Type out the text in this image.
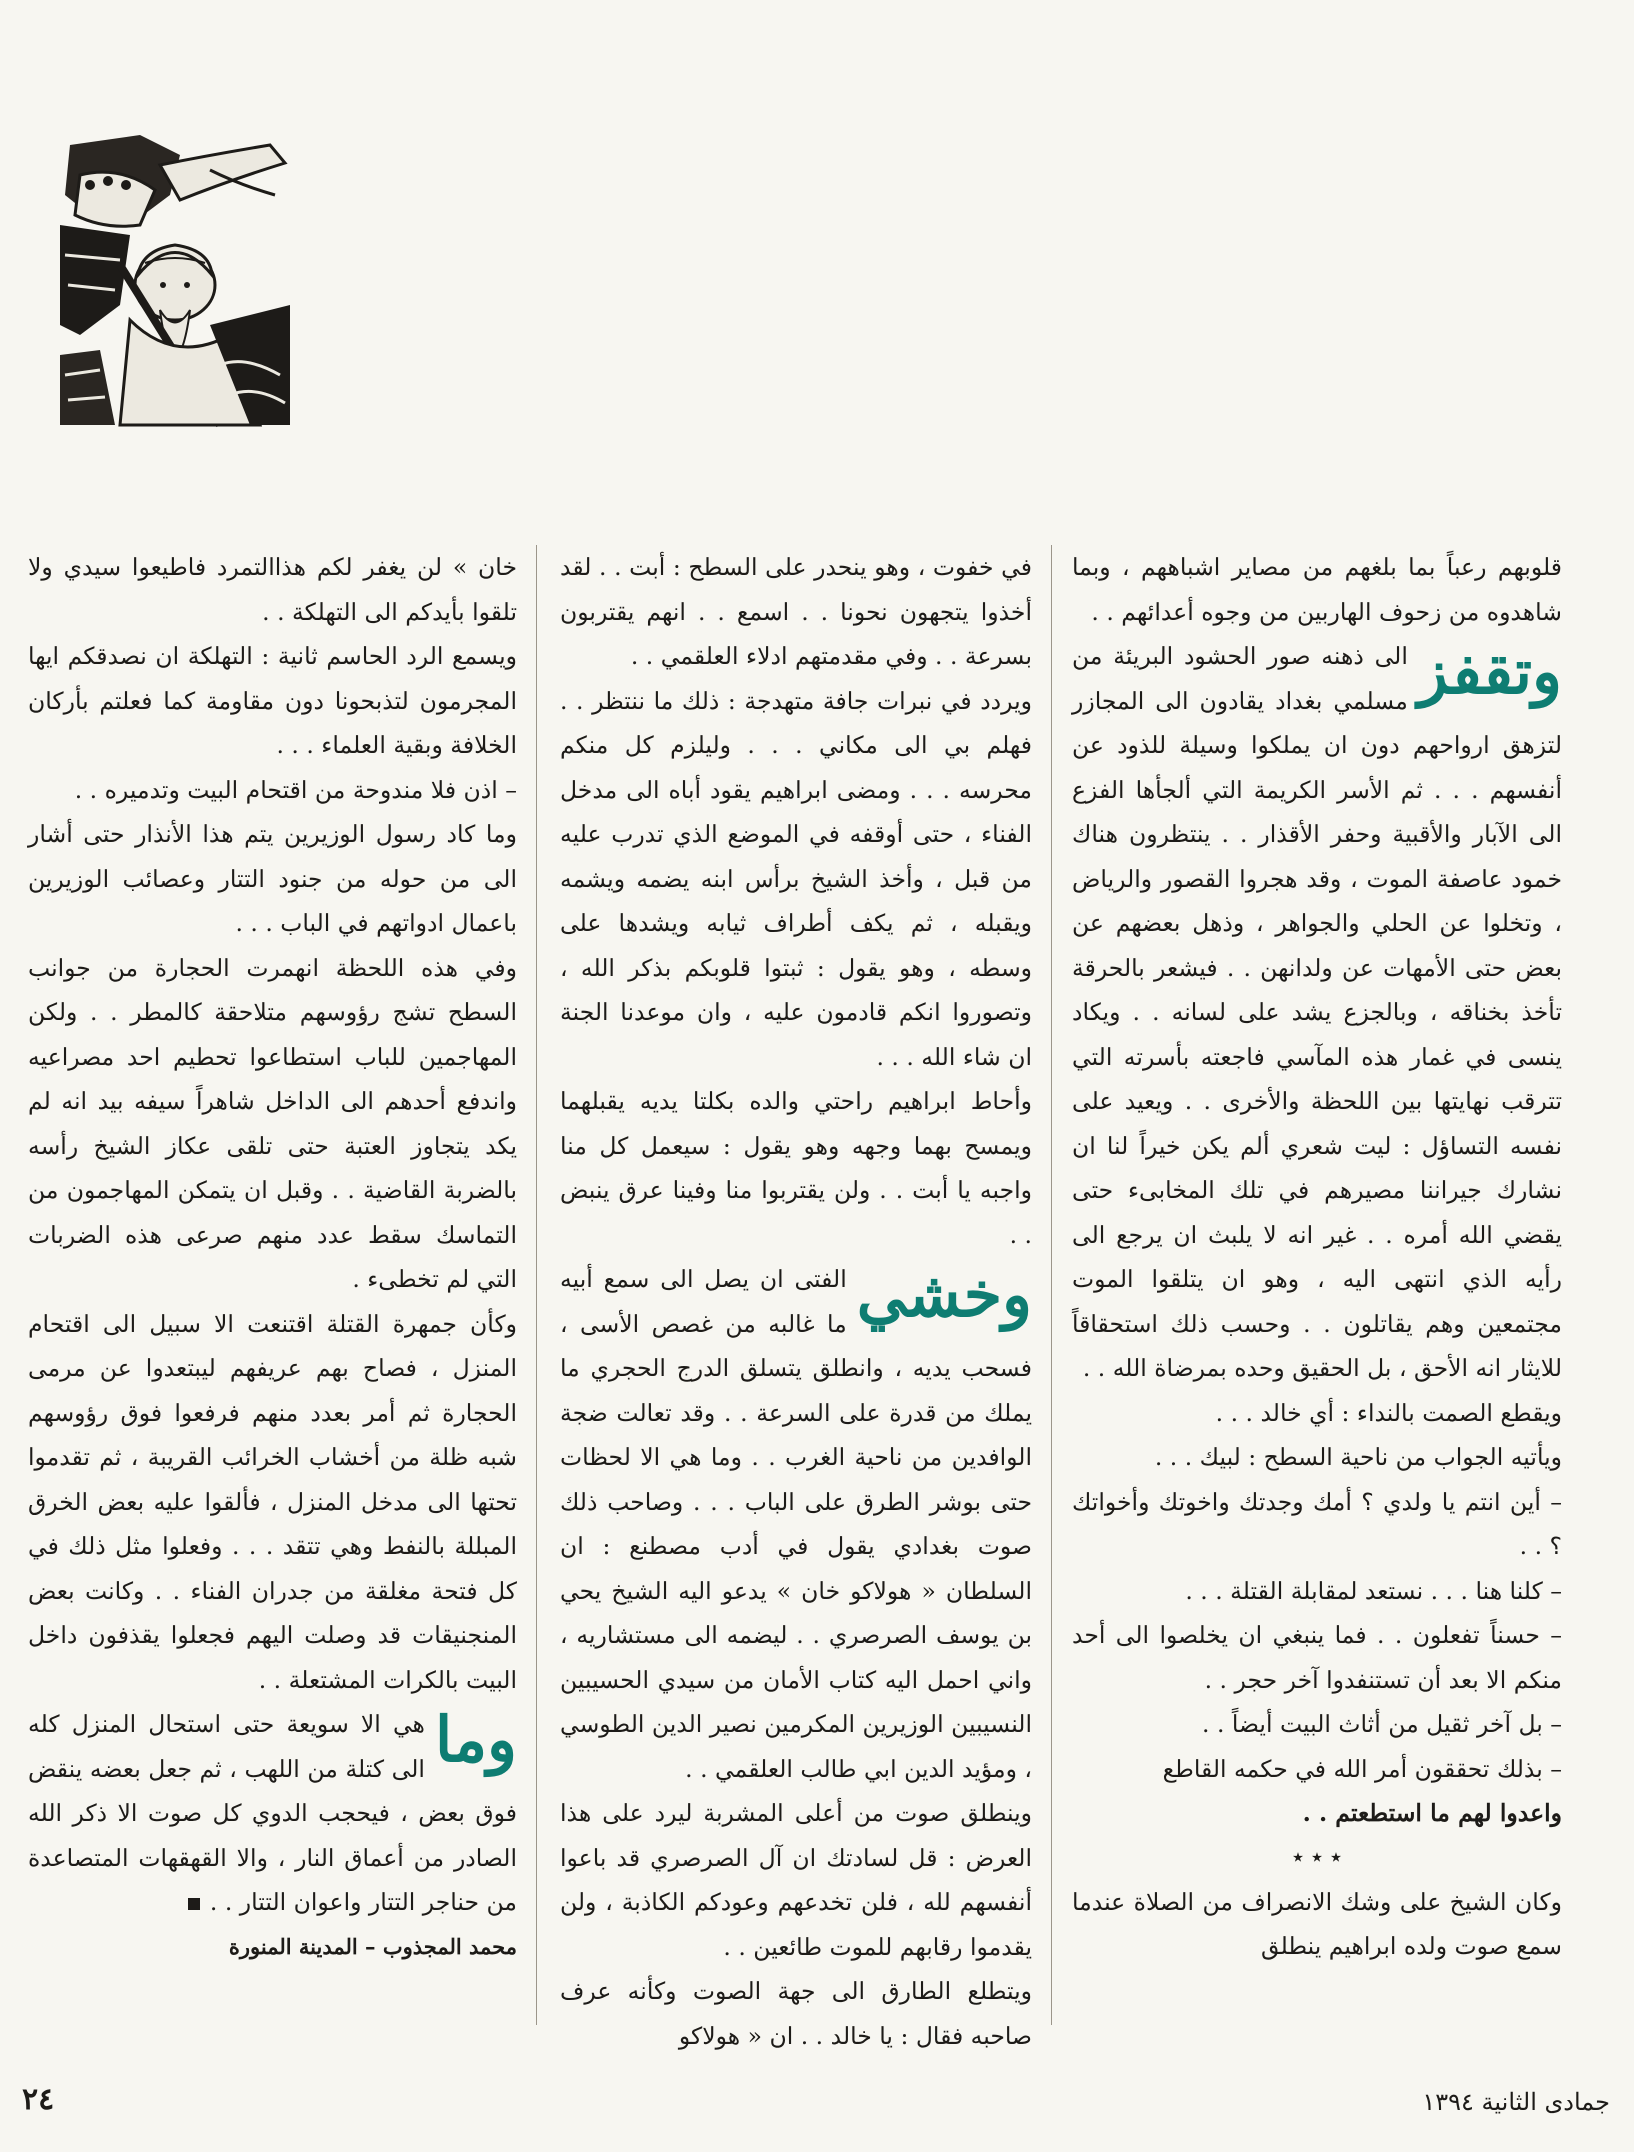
قلوبهم رعباً بما بلغهم من مصاير اشباههم ، وبما شاهدوه من زحوف الهاربين من وجوه أعدائهم . .

وتقفز
الى ذهنه صور الحشود البريئة من مسلمي بغداد يقادون الى المجازر لتزهق ارواحهم دون ان يملكوا وسيلة للذود عن أنفسهم . . . ثم الأسر الكريمة التي ألجأها الفزع الى الآبار والأقبية وحفر الأقذار . . ينتظرون هناك خمود عاصفة الموت ، وقد هجروا القصور والرياض ، وتخلوا عن الحلي والجواهر ، وذهل بعضهم عن بعض حتى الأمهات عن ولدانهن . . فيشعر بالحرقة تأخذ بخناقه ، وبالجزع يشد على لسانه . . ويكاد ينسى في غمار هذه المآسي فاجعته بأسرته التي تترقب نهايتها بين اللحظة والأخرى . . ويعيد على نفسه التساؤل : ليت شعري ألم يكن خيراً لنا ان نشارك جيراننا مصيرهم في تلك المخابىء حتى يقضي الله أمره . . غير انه لا يلبث ان يرجع الى رأيه الذي انتهى اليه ، وهو ان يتلقوا الموت مجتمعين وهم يقاتلون . . وحسب ذلك استحقاقاً للايثار انه الأحق ، بل الحقيق وحده بمرضاة الله . .

ويقطع الصمت بالنداء : أي خالد . . .

ويأتيه الجواب من ناحية السطح : لبيك . . .

– أين انتم يا ولدي ؟ أمك وجدتك واخوتك وأخواتك ؟ . .

– كلنا هنا . . . نستعد لمقابلة القتلة . . .

– حسناً تفعلون . . فما ينبغي ان يخلصوا الى أحد منكم الا بعد أن تستنفدوا آخر حجر . .

– بل آخر ثقيل من أثاث البيت أيضاً . .

– بذلك تحققون أمر الله في حكمه القاطع

واعدوا لهم ما استطعتم . .

٭ ٭ ٭

وكان الشيخ على وشك الانصراف من الصلاة عندما سمع صوت ولده ابراهيم ينطلق

في خفوت ، وهو ينحدر على السطح : أبت . . لقد أخذوا يتجهون نحونا . . اسمع . . انهم يقتربون بسرعة . . وفي مقدمتهم ادلاء العلقمي . .

ويردد في نبرات جافة متهدجة : ذلك ما ننتظر . . فهلم بي الى مكاني . . . وليلزم كل منكم محرسه . . . ومضى ابراهيم يقود أباه الى مدخل الفناء ، حتى أوقفه في الموضع الذي تدرب عليه من قبل ، وأخذ الشيخ برأس ابنه يضمه ويشمه ويقبله ، ثم يكف أطراف ثيابه ويشدها على وسطه ، وهو يقول : ثبتوا قلوبكم بذكر الله ، وتصوروا انكم قادمون عليه ، وان موعدنا الجنة ان شاء الله . . .

وأحاط ابراهيم راحتي والده بكلتا يديه يقبلهما ويمسح بهما وجهه وهو يقول : سيعمل كل منا واجبه يا أبت . . ولن يقتربوا منا وفينا عرق ينبض . .

وخشي
الفتى ان يصل الى سمع أبيه ما غالبه من غصص الأسى ، فسحب يديه ، وانطلق يتسلق الدرج الحجري ما يملك من قدرة على السرعة . . وقد تعالت ضجة الوافدين من ناحية الغرب . . وما هي الا لحظات حتى بوشر الطرق على الباب . . . وصاحب ذلك صوت بغدادي يقول في أدب مصطنع : ان السلطان « هولاكو خان » يدعو اليه الشيخ يحي بن يوسف الصرصري . . ليضمه الى مستشاريه ، واني احمل اليه كتاب الأمان من سيدي الحسيبين النسيبين الوزيرين المكرمين نصير الدين الطوسي ، ومؤيد الدين ابي طالب العلقمي . .

وينطلق صوت من أعلى المشربة ليرد على هذا العرض : قل لسادتك ان آل الصرصري قد باعوا أنفسهم لله ، فلن تخدعهم وعودكم الكاذبة ، ولن يقدموا رقابهم للموت طائعين . .

ويتطلع الطارق الى جهة الصوت وكأنه عرف صاحبه فقال : يا خالد . . ان « هولاكو

خان » لن يغفر لكم هذاالتمرد فاطيعوا سيدي ولا تلقوا بأيدكم الى التهلكة . .

ويسمع الرد الحاسم ثانية : التهلكة ان نصدقكم ايها المجرمون لتذبحونا دون مقاومة كما فعلتم بأركان الخلافة وبقية العلماء . . .

– اذن فلا مندوحة من اقتحام البيت وتدميره . .

وما كاد رسول الوزيرين يتم هذا الأنذار حتى أشار الى من حوله من جنود التتار وعصائب الوزيرين باعمال ادواتهم في الباب . . .

وفي هذه اللحظة انهمرت الحجارة من جوانب السطح تشج رؤوسهم متلاحقة كالمطر . . ولكن المهاجمين للباب استطاعوا تحطيم احد مصراعيه واندفع أحدهم الى الداخل شاهراً سيفه بيد انه لم يكد يتجاوز العتبة حتى تلقى عكاز الشيخ رأسه بالضربة القاضية . . وقبل ان يتمكن المهاجمون من التماسك سقط عدد منهم صرعى هذه الضربات التي لم تخطىء .

وكأن جمهرة القتلة اقتنعت الا سبيل الى اقتحام المنزل ، فصاح بهم عريفهم ليبتعدوا عن مرمى الحجارة ثم أمر بعدد منهم فرفعوا فوق رؤوسهم شبه ظلة من أخشاب الخرائب القريبة ، ثم تقدموا تحتها الى مدخل المنزل ، فألقوا عليه بعض الخرق المبللة بالنفط وهي تتقد . . . وفعلوا مثل ذلك في كل فتحة مغلقة من جدران الفناء . . وكانت بعض المنجنيقات قد وصلت اليهم فجعلوا يقذفون داخل البيت بالكرات المشتعلة . .

وما
هي الا سويعة حتى استحال المنزل كله الى كتلة من اللهب ، ثم جعل بعضه ينقض فوق بعض ، فيحجب الدوي كل صوت الا ذكر الله الصادر من أعماق النار ، والا القهقهات المتصاعدة من حناجر التتار واعوان التتار . .

محمد المجذوب – المدينة المنورة

جمادى الثانية ١٣٩٤
٢٤
